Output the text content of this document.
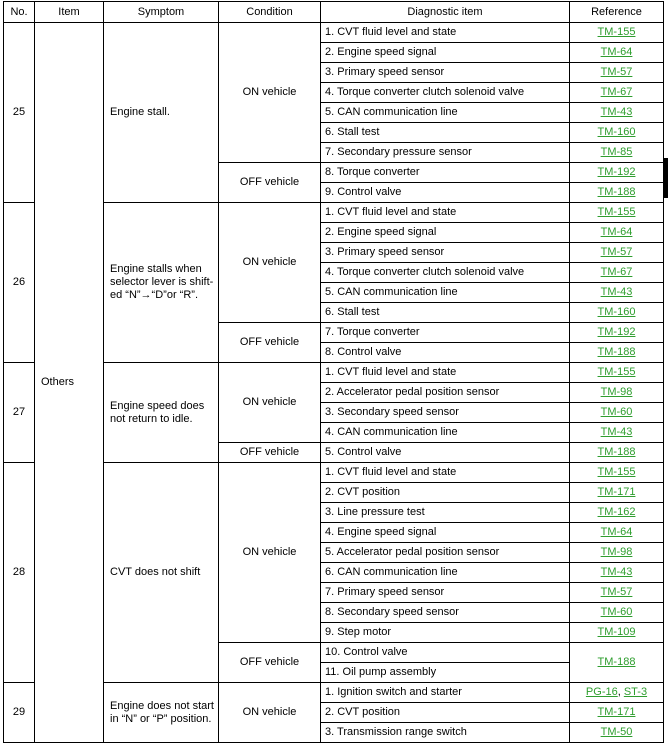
No.	Item	Symptom	Condition	Diagnostic item	Reference
25	Others	Engine stall.	ON vehicle	1. CVT fluid level and state	TM-155
				2. Engine speed signal	TM-64
				3. Primary speed sensor	TM-57
				4. Torque converter clutch solenoid valve	TM-67
				5. CAN communication line	TM-43
				6. Stall test	TM-160
				7. Secondary pressure sensor	TM-85
			OFF vehicle	8. Torque converter	TM-192
				9. Control valve	TM-188
26		Engine stalls when selector lever is shift-ed “N”→“D”or “R”.	ON vehicle	1. CVT fluid level and state	TM-155
				2. Engine speed signal	TM-64
				3. Primary speed sensor	TM-57
				4. Torque converter clutch solenoid valve	TM-67
				5. CAN communication line	TM-43
				6. Stall test	TM-160
			OFF vehicle	7. Torque converter	TM-192
				8. Control valve	TM-188
27		Engine speed does not return to idle.	ON vehicle	1. CVT fluid level and state	TM-155
				2. Accelerator pedal position sensor	TM-98
				3. Secondary speed sensor	TM-60
				4. CAN communication line	TM-43
			OFF vehicle	5. Control valve	TM-188
28		CVT does not shift	ON vehicle	1. CVT fluid level and state	TM-155
				2. CVT position	TM-171
				3. Line pressure test	TM-162
				4. Engine speed signal	TM-64
				5. Accelerator pedal position sensor	TM-98
				6. CAN communication line	TM-43
				7. Primary speed sensor	TM-57
				8. Secondary speed sensor	TM-60
				9. Step motor	TM-109
			OFF vehicle	10. Control valve	TM-188
				11. Oil pump assembly	
29		Engine does not start in “N” or “P” position.	ON vehicle	1. Ignition switch and starter	PG-16, ST-3
				2. CVT position	TM-171
				3. Transmission range switch	TM-50
